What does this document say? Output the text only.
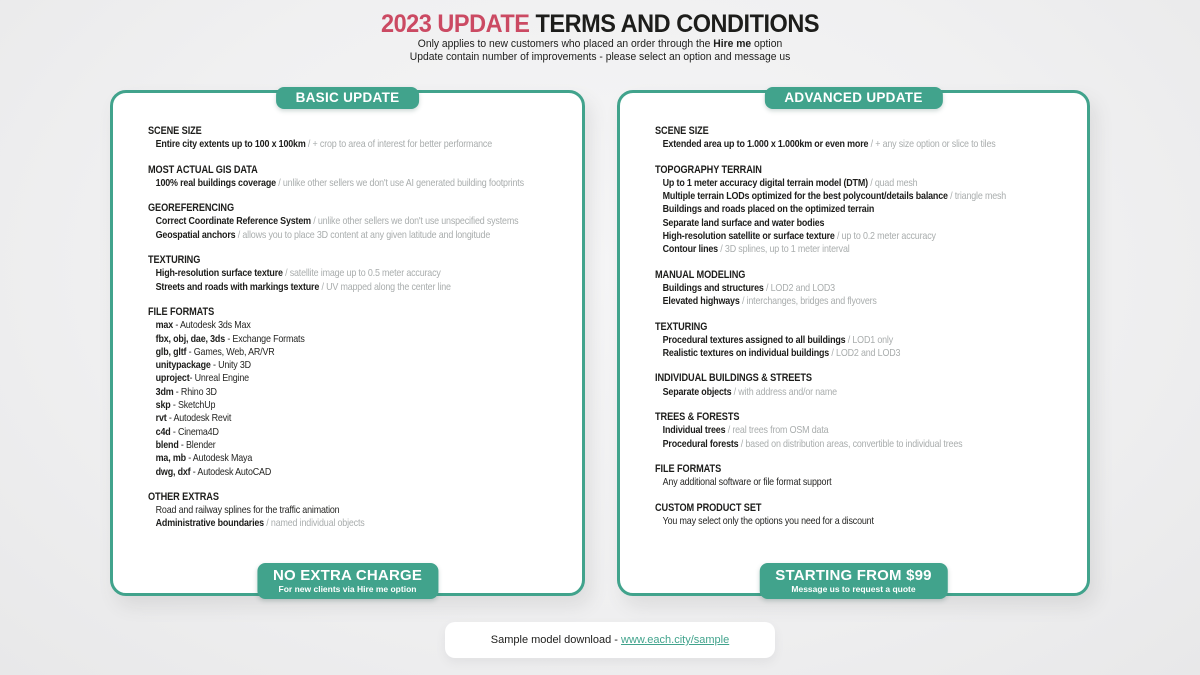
2023 UPDATE TERMS AND CONDITIONS

Only applies to new customers who placed an order through the Hire me option

Update contain number of improvements - please select an option and message us

BASIC UPDATE
SCENE SIZE
Entire city extents up to 100 x 100km / + crop to area of interest for better performance
MOST ACTUAL GIS DATA
100% real buildings coverage / unlike other sellers we don't use AI generated building footprints
GEOREFERENCING
Correct Coordinate Reference System / unlike other sellers we don't use unspecified systems
Geospatial anchors / allows you to place 3D content at any given latitude and longitude
TEXTURING
High-resolution surface texture / satellite image up to 0.5 meter accuracy
Streets and roads with markings texture / UV mapped along the center line
FILE FORMATS
max - Autodesk 3ds Max
fbx, obj, dae, 3ds - Exchange Formats
glb, gltf - Games, Web, AR/VR
unitypackage - Unity 3D
uproject- Unreal Engine
3dm - Rhino 3D
skp - SketchUp
rvt - Autodesk Revit
c4d - Cinema4D
blend - Blender
ma, mb - Autodesk Maya
dwg, dxf - Autodesk AutoCAD
OTHER EXTRAS
Road and railway splines for the traffic animation
Administrative boundaries / named individual objects
NO EXTRA CHARGE
For new clients via Hire me option
ADVANCED UPDATE
SCENE SIZE
Extended area up to 1.000 x 1.000km or even more / + any size option or slice to tiles
TOPOGRAPHY TERRAIN
Up to 1 meter accuracy digital terrain model (DTM) / quad mesh
Multiple terrain LODs optimized for the best polycount/details balance / triangle mesh
Buildings and roads placed on the optimized terrain
Separate land surface and water bodies
High-resolution satellite or surface texture / up to 0.2 meter accuracy
Contour lines / 3D splines, up to 1 meter interval
MANUAL MODELING
Buildings and structures / LOD2 and LOD3
Elevated highways / interchanges, bridges and flyovers
TEXTURING
Procedural textures assigned to all buildings / LOD1 only
Realistic textures on individual buildings / LOD2 and LOD3
INDIVIDUAL BUILDINGS & STREETS
Separate objects / with address and/or name
TREES & FORESTS
Individual trees / real trees from OSM data
Procedural forests / based on distribution areas, convertible to individual trees
FILE FORMATS
Any additional software or file format support
CUSTOM PRODUCT SET
You may select only the options you need for a discount
STARTING FROM $99
Message us to request a quote
Sample model download - www.each.city/sample
